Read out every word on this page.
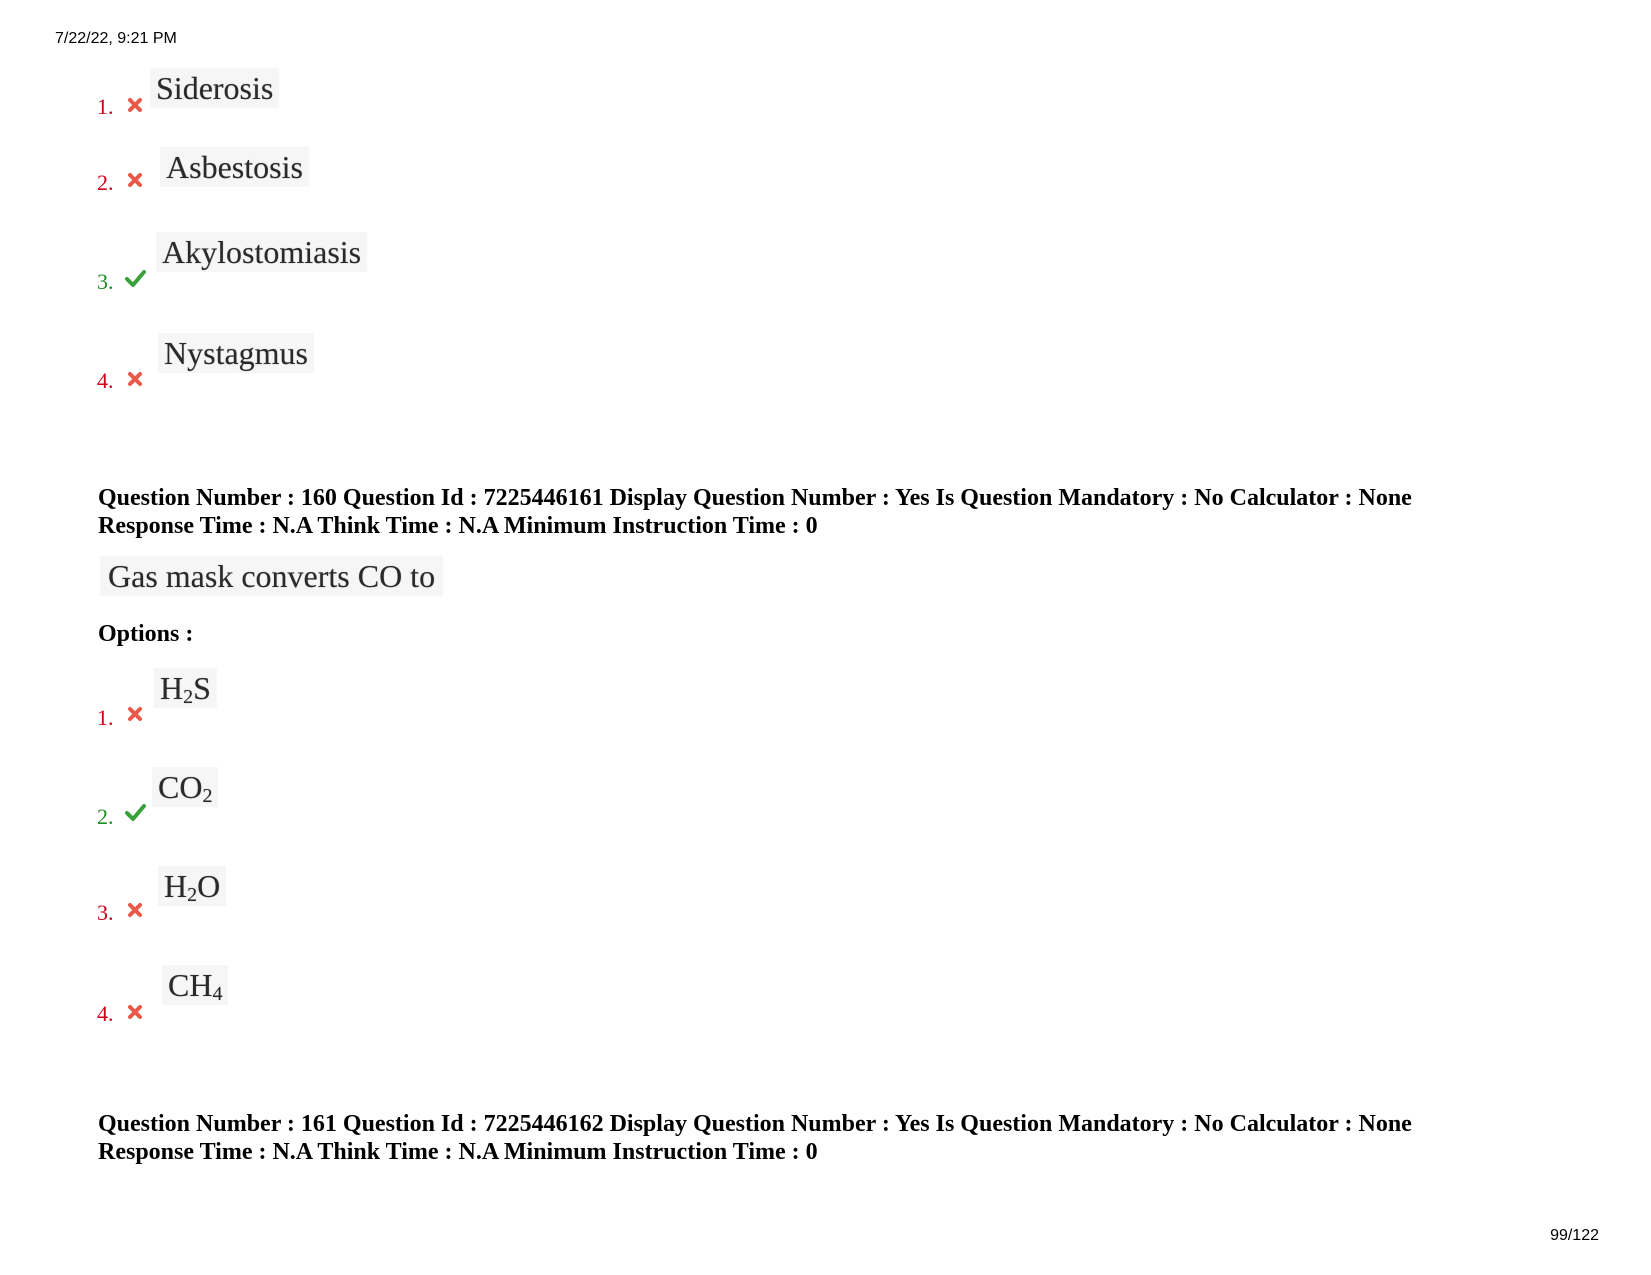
7/22/22, 9:21 PM
1.
Siderosis
2. Asbestosis
3.
Akylostomiasis
4.
Nystagmus
Question Number : 160 Question Id : 7225446161 Display Question Number : Yes Is Question Mandatory : No Calculator : None
Response Time : N.A Think Time : N.A Minimum Instruction Time : 0
Gas mask converts CO to
Options :
1.
$H_2S$
2.
$CO_2$
3.
$H_2O$
4.
$CH_4$
Question Number : 161 Question Id : 7225446162 Display Question Number : Yes Is Question Mandatory : No Calculator : None
Response Time : N.A Think Time : N.A Minimum Instruction Time : 0
99/122
